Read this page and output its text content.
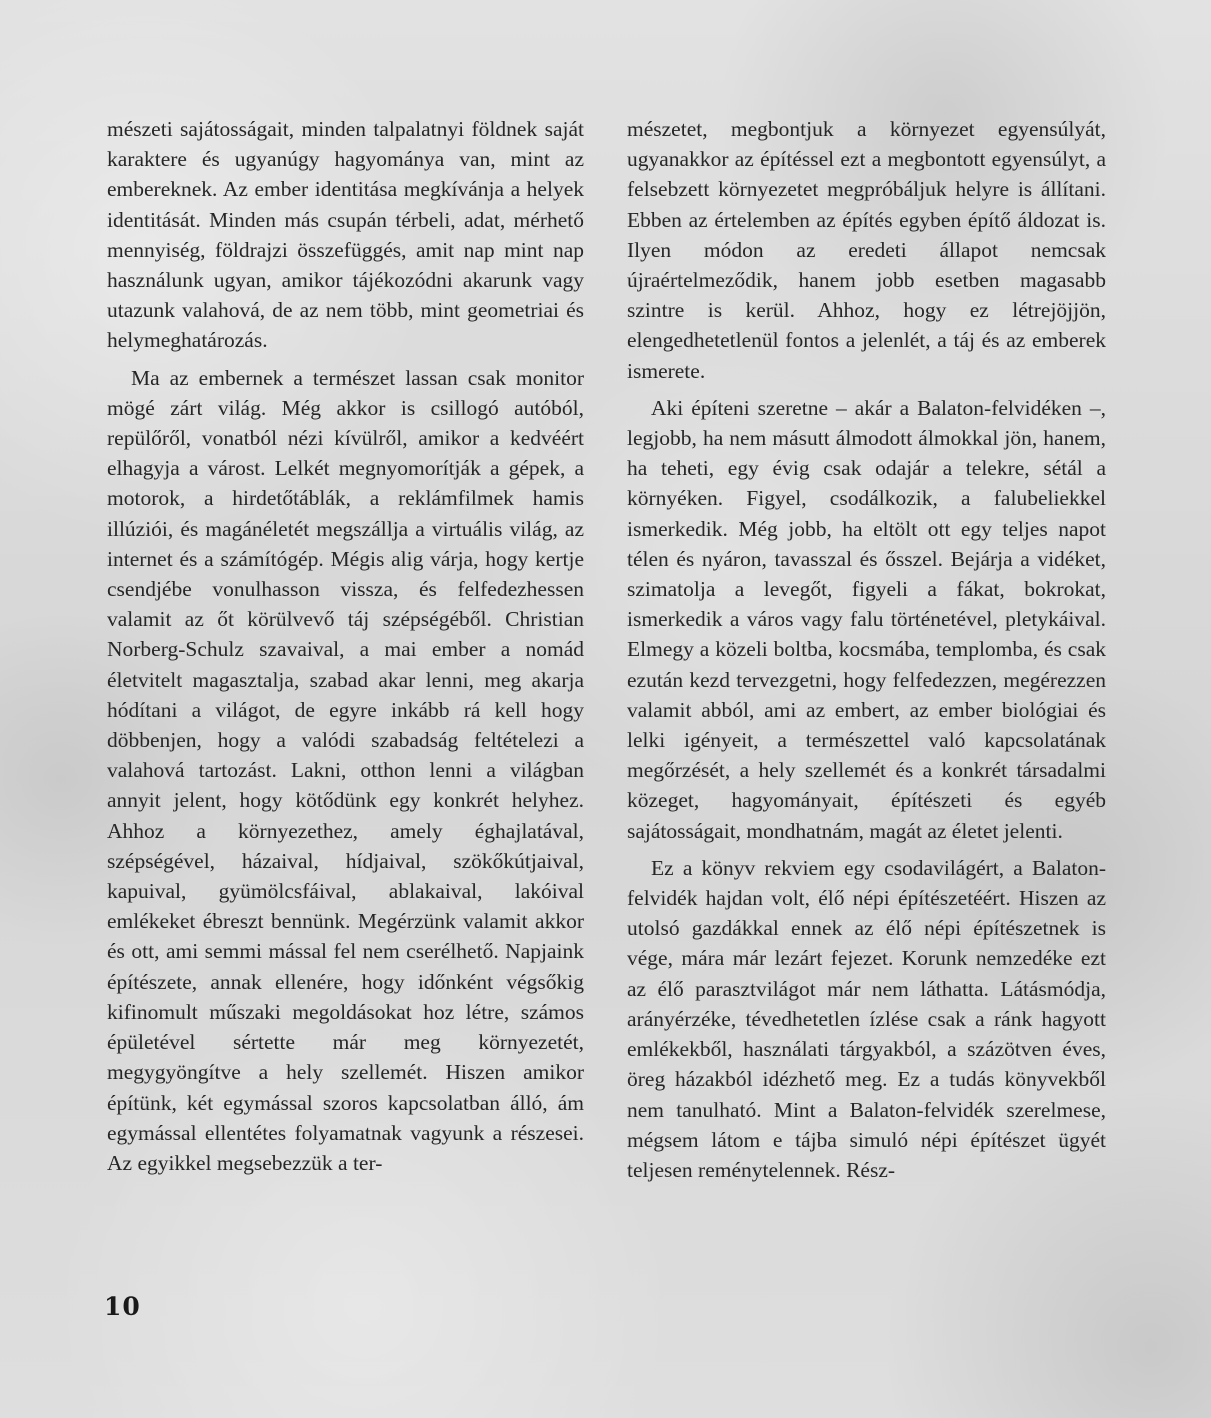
mészeti sajátosságait, minden talpalatnyi földnek saját karaktere és ugyanúgy hagyománya van, mint az embereknek. Az ember identitása megkívánja a helyek identitását. Minden más csupán térbeli, adat, mérhető mennyiség, földrajzi összefüggés, amit nap mint nap használunk ugyan, amikor tájékozódni akarunk vagy utazunk valahová, de az nem több, mint geometriai és helymeghatározás.

Ma az embernek a természet lassan csak monitor mögé zárt világ. Még akkor is csillogó autóból, repülőről, vonatból nézi kívülről, amikor a kedvéért elhagyja a várost. Lelkét megnyomorítják a gépek, a motorok, a hirdetőtáblák, a reklámfilmek hamis illúziói, és magánéletét megszállja a virtuális világ, az internet és a számítógép. Mégis alig várja, hogy kertje csendjébe vonulhasson vissza, és felfedezhessen valamit az őt körülvevő táj szépségéből. Christian Norberg-Schulz szavaival, a mai ember a nomád életvitelt magasztalja, szabad akar lenni, meg akarja hódítani a világot, de egyre inkább rá kell hogy döbbenjen, hogy a valódi szabadság feltételezi a valahová tartozást. Lakni, otthon lenni a világban annyit jelent, hogy kötődünk egy konkrét helyhez. Ahhoz a környezethez, amely éghajlatával, szépségével, házaival, hídjaival, szökőkútjaival, kapuival, gyümölcsfáival, ablakaival, lakóival emlékeket ébreszt bennünk. Megérzünk valamit akkor és ott, ami semmi mással fel nem cserélhető. Napjaink építészete, annak ellenére, hogy időnként végsőkig kifinomult műszaki megoldásokat hoz létre, számos épületével sértette már meg környezetét, megygyöngítve a hely szellemét. Hiszen amikor építünk, két egymással szoros kapcsolatban álló, ám egymással ellentétes folyamatnak vagyunk a részesei. Az egyikkel megsebezzük a ter-

mészetet, megbontjuk a környezet egyensúlyát, ugyanakkor az építéssel ezt a megbontott egyensúlyt, a felsebzett környezetet megpróbáljuk helyre is állítani. Ebben az értelemben az építés egyben építő áldozat is. Ilyen módon az eredeti állapot nemcsak újraértelmeződik, hanem jobb esetben magasabb szintre is kerül. Ahhoz, hogy ez létrejöjjön, elengedhetetlenül fontos a jelenlét, a táj és az emberek ismerete.

Aki építeni szeretne – akár a Balaton-felvidéken –, legjobb, ha nem másutt álmodott álmokkal jön, hanem, ha teheti, egy évig csak odajár a telekre, sétál a környéken. Figyel, csodálkozik, a falubeliekkel ismerkedik. Még jobb, ha eltölt ott egy teljes napot télen és nyáron, tavasszal és ősszel. Bejárja a vidéket, szimatolja a levegőt, figyeli a fákat, bokrokat, ismerkedik a város vagy falu történetével, pletykáival. Elmegy a közeli boltba, kocsmába, templomba, és csak ezután kezd tervezgetni, hogy felfedezzen, megérezzen valamit abból, ami az embert, az ember biológiai és lelki igényeit, a természettel való kapcsolatának megőrzését, a hely szellemét és a konkrét társadalmi közeget, hagyományait, építészeti és egyéb sajátosságait, mondhatnám, magát az életet jelenti.

Ez a könyv rekviem egy csodavilágért, a Balaton-felvidék hajdan volt, élő népi építészetéért. Hiszen az utolsó gazdákkal ennek az élő népi építészetnek is vége, mára már lezárt fejezet. Korunk nemzedéke ezt az élő parasztvilágot már nem láthatta. Látásmódja, arányérzéke, tévedhetetlen ízlése csak a ránk hagyott emlékekből, használati tárgyakból, a százötven éves, öreg házakból idézhető meg. Ez a tudás könyvekből nem tanulható. Mint a Balaton-felvidék szerelmese, mégsem látom e tájba simuló népi építészet ügyét teljesen reménytelennek. Rész-

10
